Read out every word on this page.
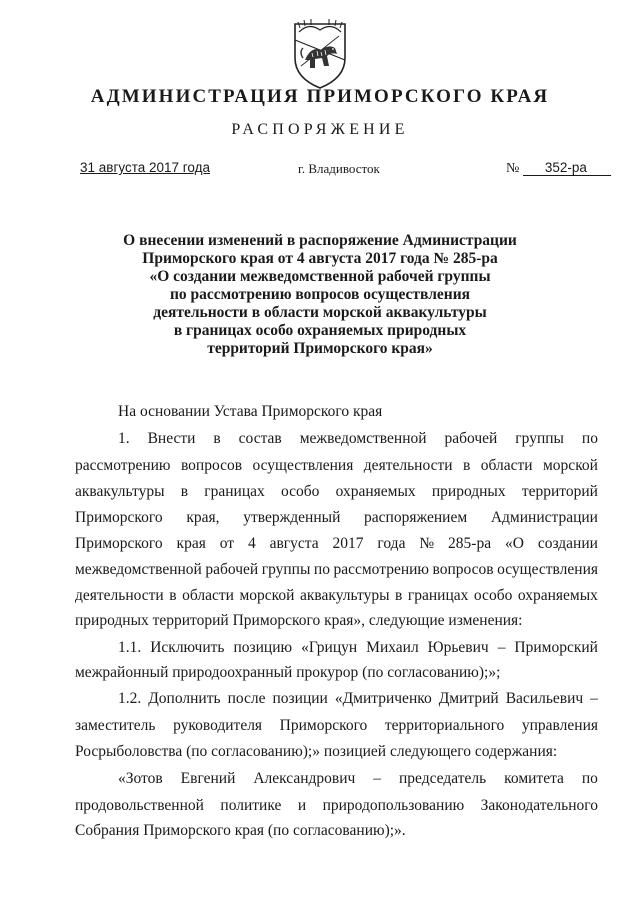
АДМИНИСТРАЦИЯ ПРИМОРСКОГО КРАЯ
РАСПОРЯЖЕНИЕ
31 августа 2017 года	г. Владивосток	№ 352-ра
О внесении изменений в распоряжение Администрации
Приморского края от 4 августа 2017 года № 285-ра
«О создании межведомственной рабочей группы
по рассмотрению вопросов осуществления
деятельности в области морской аквакультуры
в границах особо охраняемых природных
территорий Приморского края»
На основании Устава Приморского края
1. Внести в состав межведомственной рабочей группы по
рассмотрению вопросов осуществления деятельности в области морской
аквакультуры в границах особо охраняемых природных территорий
Приморского края, утвержденный распоряжением Администрации
Приморского края от 4 августа 2017 года № 285-ра «О создании
межведомственной рабочей группы по рассмотрению вопросов осуществления
деятельности в области морской аквакультуры в границах особо охраняемых
природных территорий Приморского края», следующие изменения:
1.1. Исключить позицию «Грицун Михаил Юрьевич – Приморский
межрайонный природоохранный прокурор (по согласованию);»;
1.2. Дополнить после позиции «Дмитриченко Дмитрий Васильевич –
заместитель руководителя Приморского территориального управления
Росрыболовства (по согласованию);» позицией следующего содержания:
«Зотов Евгений Александрович – председатель комитета по
продовольственной политике и природопользованию Законодательного
Собрания Приморского края (по согласованию);».
